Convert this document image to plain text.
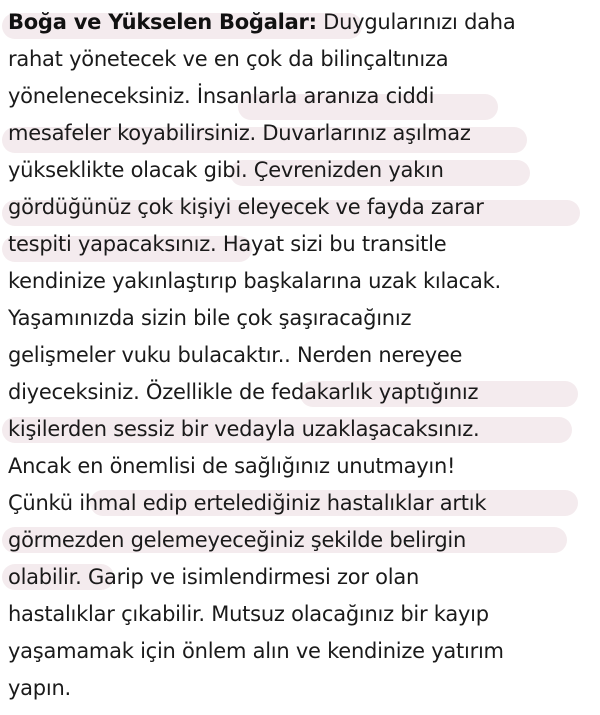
Boğa ve Yükselen Boğalar: Duygularınızı daha
rahat yönetecek ve en çok da bilinçaltınıza
yöneleneceksiniz. İnsanlarla aranıza ciddi
mesafeler koyabilirsiniz. Duvarlarınız aşılmaz
yükseklikte olacak gibi. Çevrenizden yakın
gördüğünüz çok kişiyi eleyecek ve fayda zarar
tespiti yapacaksınız. Hayat sizi bu transitle
kendinize yakınlaştırıp başkalarına uzak kılacak.
Yaşamınızda sizin bile çok şaşıracağınız
gelişmeler vuku bulacaktır.. Nerden nereyee
diyeceksiniz. Özellikle de fedakarlık yaptığınız
kişilerden sessiz bir vedayla uzaklaşacaksınız.
Ancak en önemlisi de sağlığınız unutmayın!
Çünkü ihmal edip ertelediğiniz hastalıklar artık
görmezden gelemeyeceğiniz şekilde belirgin
olabilir. Garip ve isimlendirmesi zor olan
hastalıklar çıkabilir. Mutsuz olacağınız bir kayıp
yaşamamak için önlem alın ve kendinize yatırım
yapın.
